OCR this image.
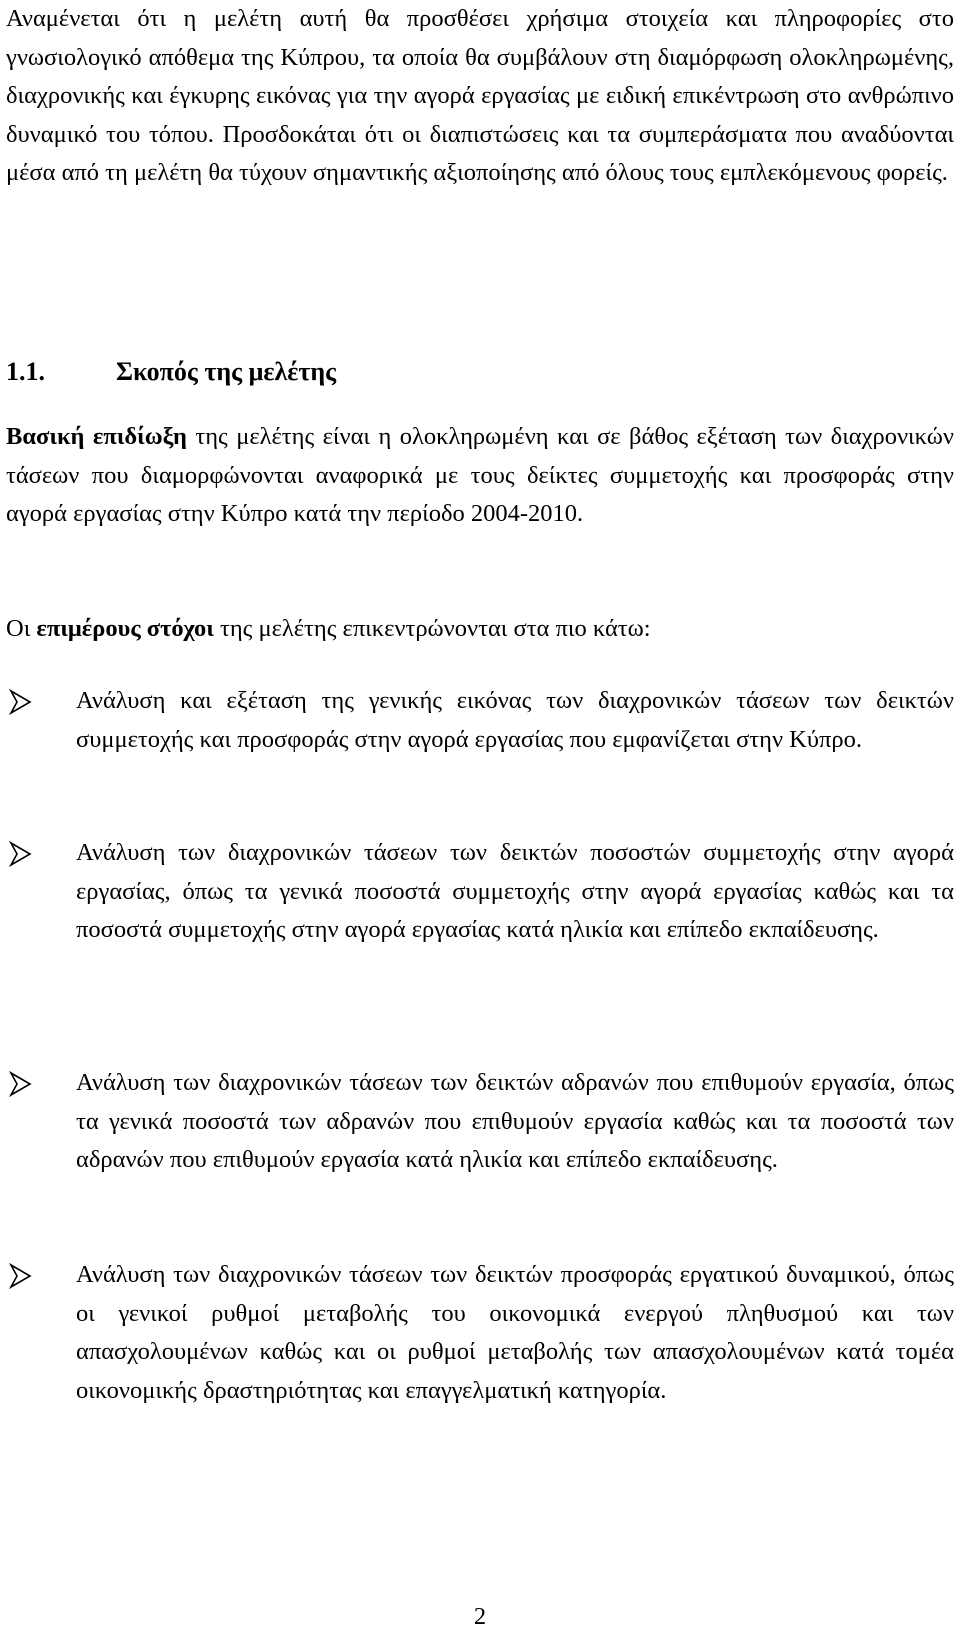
Αναμένεται ότι η μελέτη αυτή θα προσθέσει χρήσιμα στοιχεία και πληροφορίες στο γνωσιολογικό απόθεμα της Κύπρου, τα οποία θα συμβάλουν στη διαμόρφωση ολοκληρωμένης, διαχρονικής και έγκυρης εικόνας για την αγορά εργασίας με ειδική επικέντρωση στο ανθρώπινο δυναμικό του τόπου. Προσδοκάται ότι οι διαπιστώσεις και τα συμπεράσματα που αναδύονται μέσα από τη μελέτη θα τύχουν σημαντικής αξιοποίησης από όλους τους εμπλεκόμενους φορείς.

1.1.	Σκοπός της μελέτης

Βασική επιδίωξη της μελέτης είναι η ολοκληρωμένη και σε βάθος εξέταση των διαχρονικών τάσεων που διαμορφώνονται αναφορικά με τους δείκτες συμμετοχής και προσφοράς στην αγορά εργασίας στην Κύπρο κατά την περίοδο 2004-2010.

Οι επιμέρους στόχοι της μελέτης επικεντρώνονται στα πιο κάτω:

Ανάλυση και εξέταση της γενικής εικόνας των διαχρονικών τάσεων των δεικτών συμμετοχής και προσφοράς στην αγορά εργασίας που εμφανίζεται στην Κύπρο.

Ανάλυση των διαχρονικών τάσεων των δεικτών ποσοστών συμμετοχής στην αγορά εργασίας, όπως τα γενικά ποσοστά συμμετοχής στην αγορά εργασίας καθώς και τα ποσοστά συμμετοχής στην αγορά εργασίας κατά ηλικία και επίπεδο εκπαίδευσης.

Ανάλυση των διαχρονικών τάσεων των δεικτών αδρανών που επιθυμούν εργασία, όπως τα γενικά ποσοστά των αδρανών που επιθυμούν εργασία καθώς και τα ποσοστά των αδρανών που επιθυμούν εργασία κατά ηλικία και επίπεδο εκπαίδευσης.

Ανάλυση των διαχρονικών τάσεων των δεικτών προσφοράς εργατικού δυναμικού, όπως οι γενικοί ρυθμοί μεταβολής του οικονομικά ενεργού πληθυσμού και των απασχολουμένων καθώς και οι ρυθμοί μεταβολής των απασχολουμένων κατά τομέα οικονομικής δραστηριότητας και επαγγελματική κατηγορία.

2
